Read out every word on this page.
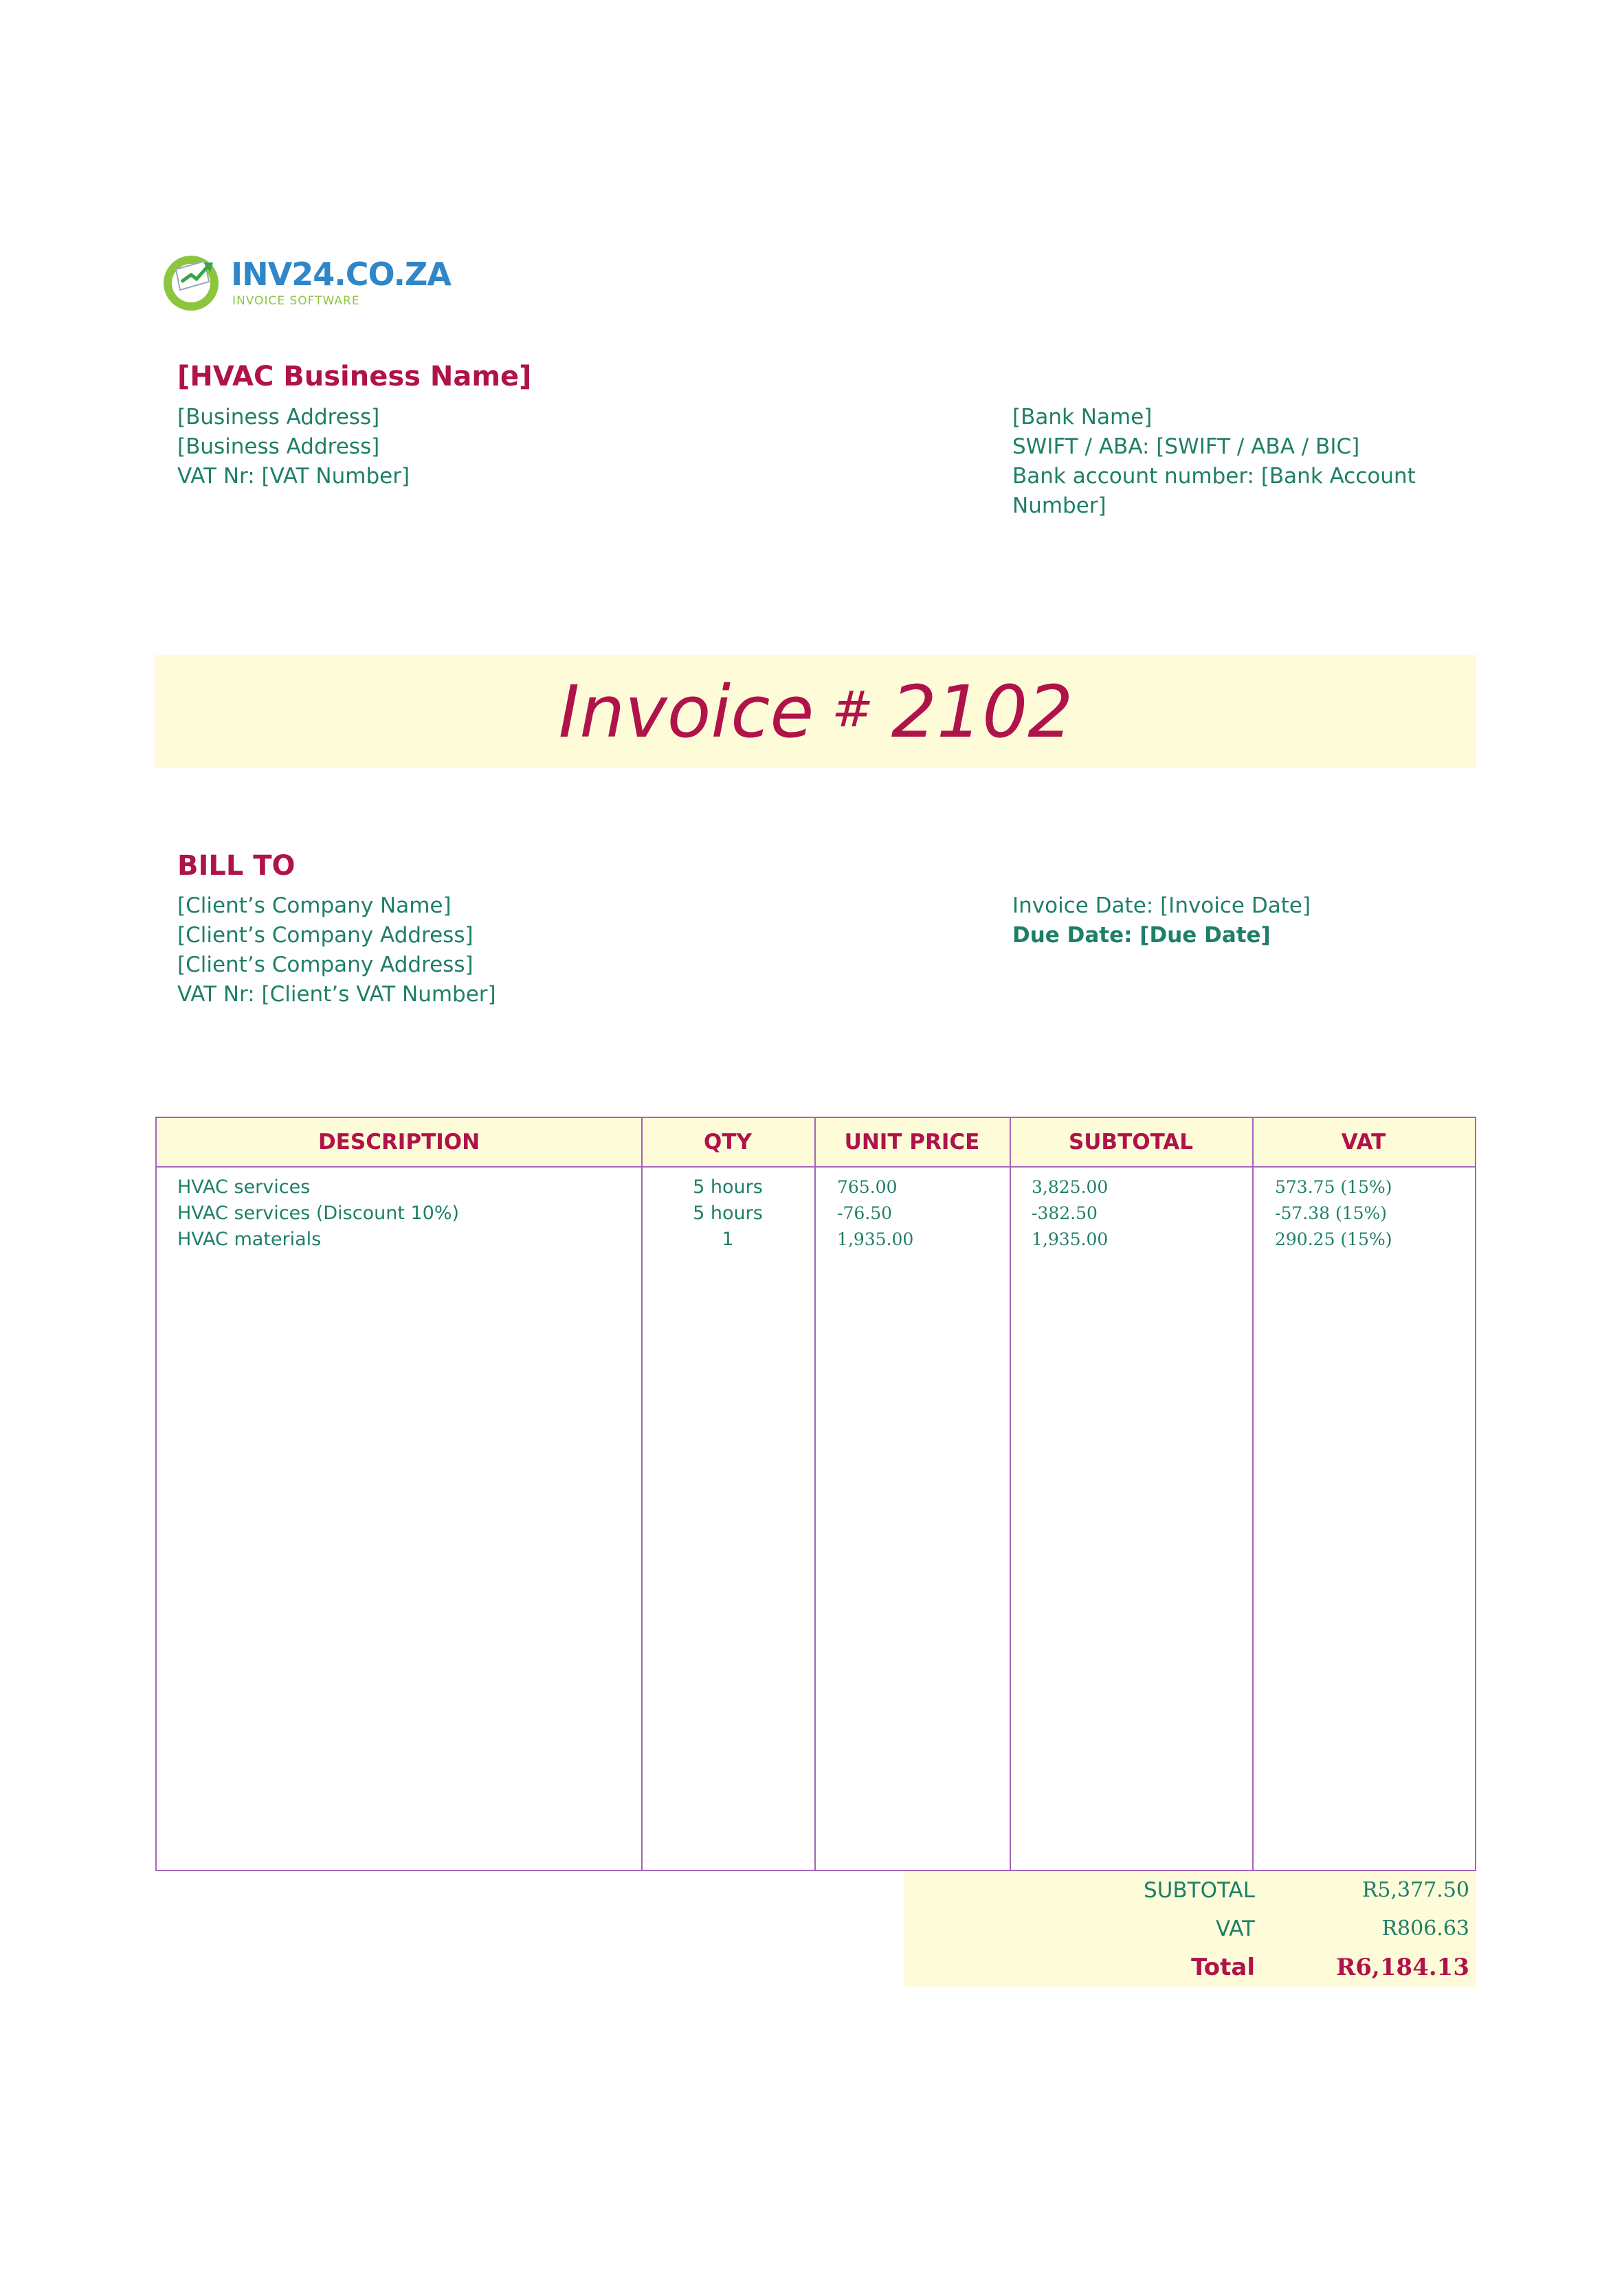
INV24.CO.ZA
INVOICE SOFTWARE
[HVAC Business Name]
[Business Address]
[Business Address]
VAT Nr: [VAT Number]
[Bank Name]
SWIFT / ABA: [SWIFT / ABA / BIC]
Bank account number: [Bank Account
Number]
Invoice # 2102
BILL TO
[Client’s Company Name]
[Client’s Company Address]
[Client’s Company Address]
VAT Nr: [Client’s VAT Number]
Invoice Date: [Invoice Date]
Due Date: [Due Date]
DESCRIPTION	QTY	UNIT PRICE	SUBTOTAL	VAT
HVAC services	5 hours	765.00	3,825.00	573.75 (15%)
HVAC services (Discount 10%)	5 hours	-76.50	-382.50	-57.38 (15%)
HVAC materials	1	1,935.00	1,935.00	290.25 (15%)
SUBTOTAL	R5,377.50
VAT	R806.63
Total	R6,184.13
